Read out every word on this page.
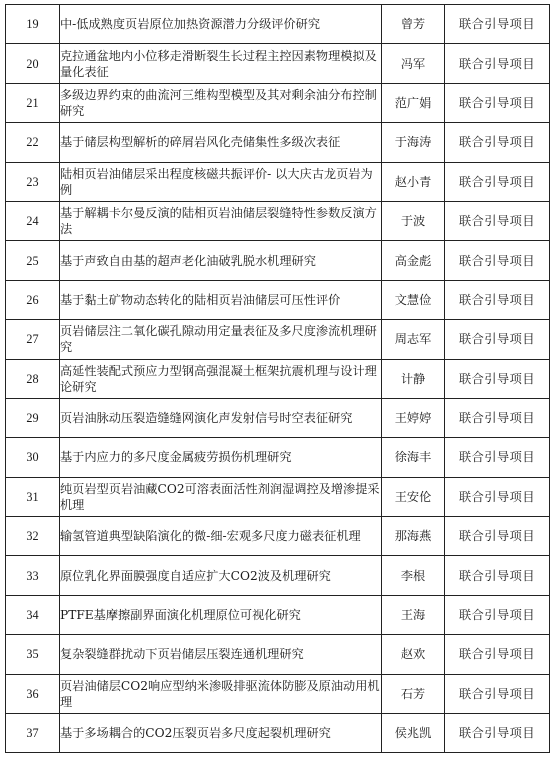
19	中-低成熟度页岩原位加热资源潜力分级评价研究	曾芳	联合引导项目
20	克拉通盆地内小位移走滑断裂生长过程主控因素物理模拟及量化表征	冯军	联合引导项目
21	多级边界约束的曲流河三维构型模型及其对剩余油分布控制研究	范广娟	联合引导项目
22	基于储层构型解析的碎屑岩风化壳储集性多级次表征	于海涛	联合引导项目
23	陆相页岩油储层采出程度核磁共振评价- 以大庆古龙页岩为例	赵小青	联合引导项目
24	基于解耦卡尔曼反演的陆相页岩油储层裂缝特性参数反演方法	于波	联合引导项目
25	基于声致自由基的超声老化油破乳脱水机理研究	高金彪	联合引导项目
26	基于黏土矿物动态转化的陆相页岩油储层可压性评价	文慧俭	联合引导项目
27	页岩储层注二氧化碳孔隙动用定量表征及多尺度渗流机理研究	周志军	联合引导项目
28	高延性装配式预应力型钢高强混凝土框架抗震机理与设计理论研究	计静	联合引导项目
29	页岩油脉动压裂造缝缝网演化声发射信号时空表征研究	王婷婷	联合引导项目
30	基于内应力的多尺度金属疲劳损伤机理研究	徐海丰	联合引导项目
31	纯页岩型页岩油藏CO2可溶表面活性剂润湿调控及增渗提采机理	王安伦	联合引导项目
32	输氢管道典型缺陷演化的微-细-宏观多尺度力磁表征机理	那海燕	联合引导项目
33	原位乳化界面膜强度自适应扩大CO2波及机理研究	李根	联合引导项目
34	PTFE基摩擦副界面演化机理原位可视化研究	王海	联合引导项目
35	复杂裂缝群扰动下页岩储层压裂连通机理研究	赵欢	联合引导项目
36	页岩油储层CO2响应型纳米渗吸排驱流体防膨及原油动用机理	石芳	联合引导项目
37	基于多场耦合的CO2压裂页岩多尺度起裂机理研究	侯兆凯	联合引导项目
